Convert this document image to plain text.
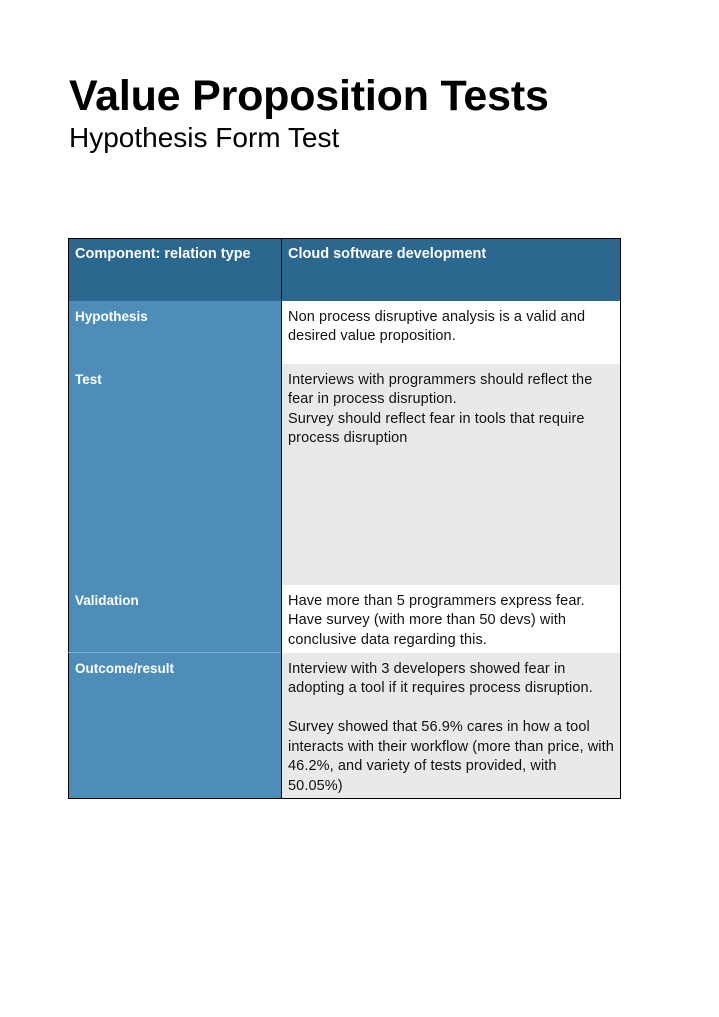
Value Proposition Tests
Hypothesis Form Test
Component: relation type	Cloud software development
Hypothesis	Non process disruptive analysis is a valid and desired value proposition.

Test	Interviews with programmers should reflect the fear in process disruption.
Survey should reflect fear in tools that require process disruption

Validation	Have more than 5 programmers express fear. Have survey (with more than 50 devs) with conclusive data regarding this.

Outcome/result	Interview with 3 developers showed fear in adopting a tool if it requires process disruption.
Survey showed that 56.9% cares in how a tool interacts with their workflow (more than price, with 46.2%, and variety of tests provided, with 50.05%)
